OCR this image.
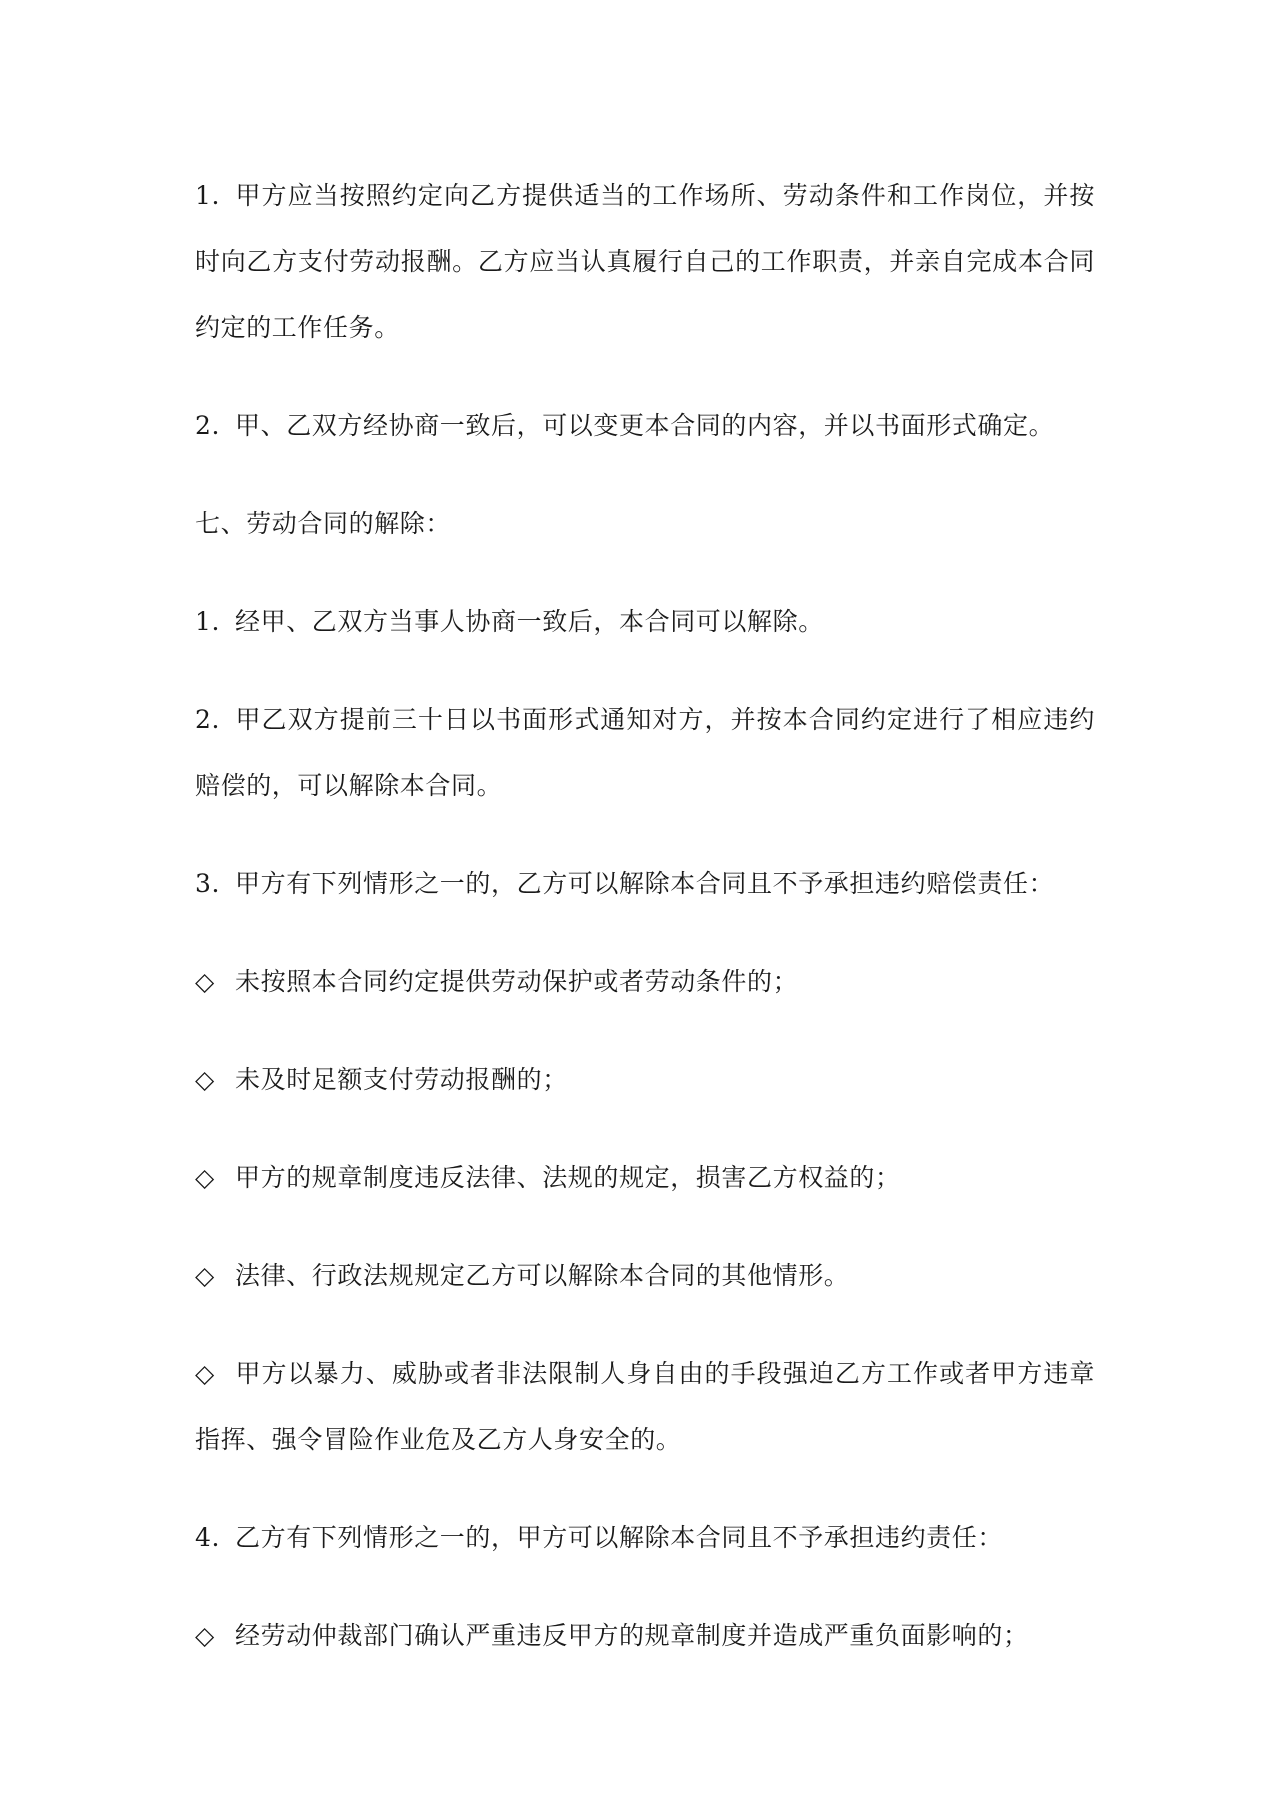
1. 甲方应当按照约定向乙方提供适当的工作场所、劳动条件和工作岗位，并按时向乙方支付劳动报酬。乙方应当认真履行自己的工作职责，并亲自完成本合同约定的工作任务。

2. 甲、乙双方经协商一致后，可以变更本合同的内容，并以书面形式确定。

七、劳动合同的解除：

1. 经甲、乙双方当事人协商一致后，本合同可以解除。

2. 甲乙双方提前三十日以书面形式通知对方，并按本合同约定进行了相应违约赔偿的，可以解除本合同。

3. 甲方有下列情形之一的，乙方可以解除本合同且不予承担违约赔偿责任：

◇ 未按照本合同约定提供劳动保护或者劳动条件的；

◇ 未及时足额支付劳动报酬的；

◇ 甲方的规章制度违反法律、法规的规定，损害乙方权益的；

◇ 法律、行政法规规定乙方可以解除本合同的其他情形。

◇ 甲方以暴力、威胁或者非法限制人身自由的手段强迫乙方工作或者甲方违章指挥、强令冒险作业危及乙方人身安全的。

4. 乙方有下列情形之一的，甲方可以解除本合同且不予承担违约责任：

◇ 经劳动仲裁部门确认严重违反甲方的规章制度并造成严重负面影响的；
